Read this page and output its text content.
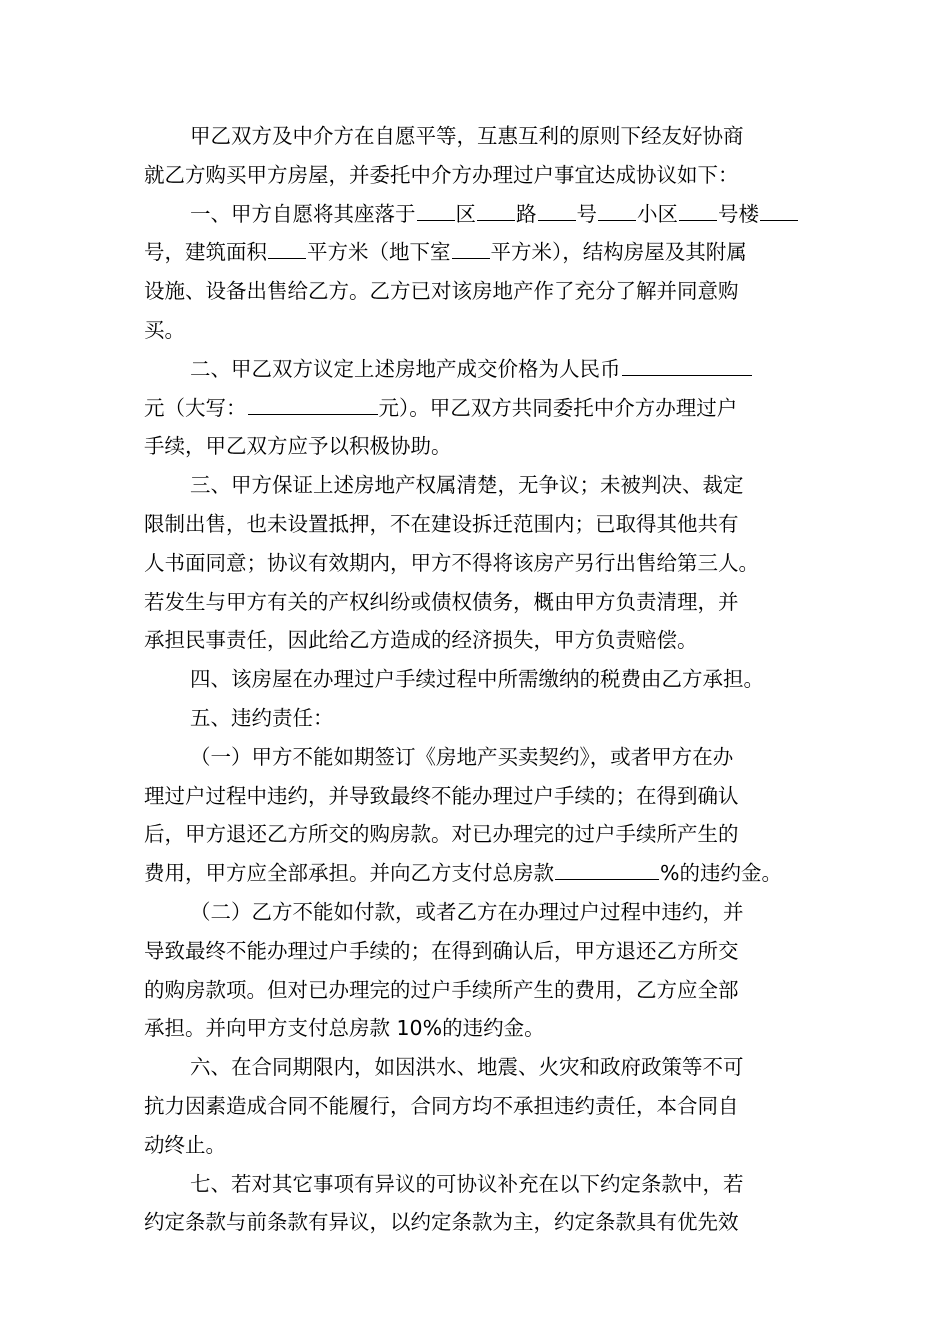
甲乙双方及中介方在自愿平等，互惠互利的原则下经友好协商
就乙方购买甲方房屋，并委托中介方办理过户事宜达成协议如下：

一、甲方自愿将其座落于 区 路 号 小区 号楼
号，建筑面积 平方米（地下室 平方米），结构房屋及其附属
设施、设备出售给乙方。乙方已对该房地产作了充分了解并同意购
买。

二、甲乙双方议定上述房地产成交价格为人民币
元（大写：	元）。甲乙双方共同委托中介方办理过户
手续，甲乙双方应予以积极协助。

三、甲方保证上述房地产权属清楚，无争议；未被判决、裁定
限制出售，也未设置抵押，不在建设拆迁范围内；已取得其他共有
人书面同意；协议有效期内，甲方不得将该房产另行出售给第三人。
若发生与甲方有关的产权纠纷或债权债务，概由甲方负责清理，并
承担民事责任，因此给乙方造成的经济损失，甲方负责赔偿。

四、该房屋在办理过户手续过程中所需缴纳的税费由乙方承担。

五、违约责任：

（一）甲方不能如期签订《房地产买卖契约》，或者甲方在办
理过户过程中违约，并导致最终不能办理过户手续的；在得到确认
后，甲方退还乙方所交的购房款。对已办理完的过户手续所产生的
费用，甲方应全部承担。并向乙方支付总房款	%的违约金。

（二）乙方不能如付款，或者乙方在办理过户过程中违约，并
导致最终不能办理过户手续的；在得到确认后，甲方退还乙方所交
的购房款项。但对已办理完的过户手续所产生的费用，乙方应全部
承担。并向甲方支付总房款 10%的违约金。

六、在合同期限内，如因洪水、地震、火灾和政府政策等不可
抗力因素造成合同不能履行，合同方均不承担违约责任，本合同自
动终止。

七、若对其它事项有异议的可协议补充在以下约定条款中，若
约定条款与前条款有异议，以约定条款为主，约定条款具有优先效
